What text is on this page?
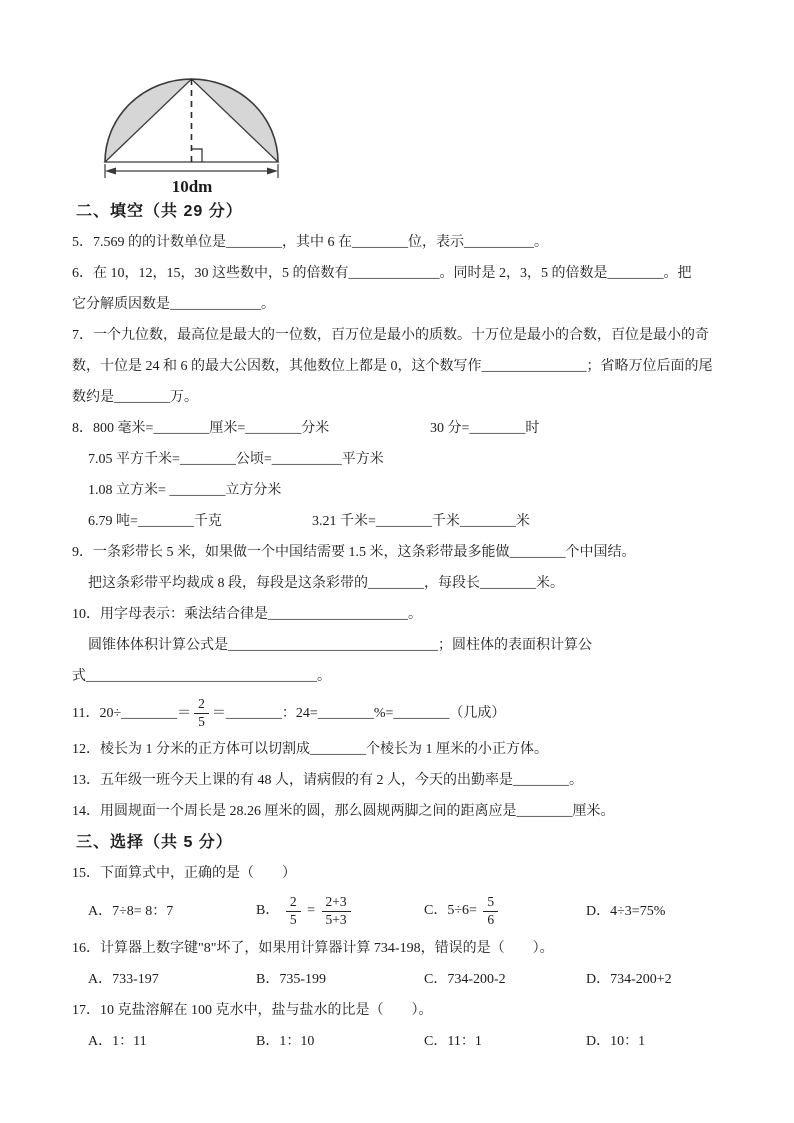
10dm
二、填空（共 29 分）
5．7.569 的的计数单位是________，其中 6 在________位，表示__________。
6．在 10，12，15，30 这些数中，5 的倍数有_____________。同时是 2，3，5 的倍数是________。把
它分解质因数是_____________。
7．一个九位数，最高位是最大的一位数，百万位是最小的质数。十万位是最小的合数，百位是最小的奇
数，十位是 24 和 6 的最大公因数，其他数位上都是 0，这个数写作_______________；省略万位后面的尾
数约是________万。
8．800 毫米=________厘米=________分米	30 分=________时
7.05 平方千米=________公顷=__________平方米
1.08 立方米= ________立方分米
6.79 吨=________千克	3.21 千米=________千米________米
9．一条彩带长 5 米，如果做一个中国结需要 1.5 米，这条彩带最多能做________个中国结。
把这条彩带平均裁成 8 段，每段是这条彩带的________，每段长________米。
10．用字母表示：乘法结合律是____________________。
圆锥体体积计算公式是______________________________；圆柱体的表面积计算公
式_________________________________。
11．20÷________＝ $\frac{2}{5}$ ＝________：24=________%=________（几成）
12．棱长为 1 分米的正方体可以切割成________个棱长为 1 厘米的小正方体。
13．五年级一班今天上课的有 48 人，请病假的有 2 人，今天的出勤率是________。
14．用圆规面一个周长是 28.26 厘米的圆，那么圆规两脚之间的距离应是________厘米。
三、选择（共 5 分）
15．下面算式中，正确的是（　　）
A．7÷8= 8：7	B． $\frac{2}{5} = \frac{2+3}{5+3}$	C．$5\div 6= \frac{5}{6}$	D．4÷3=75%
16．计算器上数字键"8"坏了，如果用计算器计算 734-198，错误的是（　　）。
A．733-197	B．735-199	C．734-200-2	D．734-200+2
17．10 克盐溶解在 100 克水中，盐与盐水的比是（　　）。
A．1：11	B．1：10	C．11：1	D．10：1
